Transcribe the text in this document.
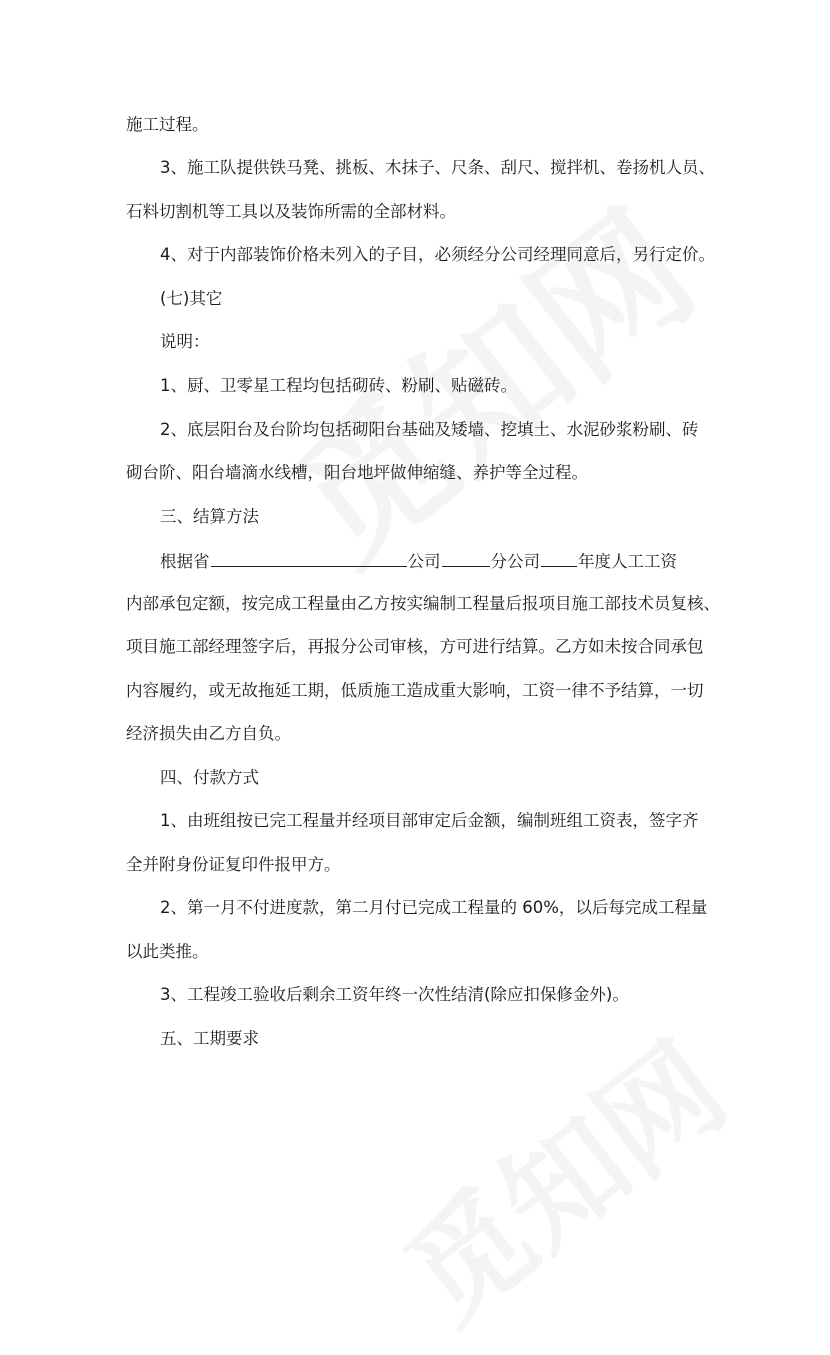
施工过程。
3、施工队提供铁马凳、挑板、木抹子、尺条、刮尺、搅拌机、卷扬机人员、
石料切割机等工具以及装饰所需的全部材料。
4、对于内部装饰价格未列入的子目，必须经分公司经理同意后，另行定价。
(七)其它
说明：
1、厨、卫零星工程均包括砌砖、粉刷、贴磁砖。
2、底层阳台及台阶均包括砌阳台基础及矮墙、挖填土、水泥砂浆粉刷、砖
砌台阶、阳台墙滴水线槽，阳台地坪做伸缩缝、养护等全过程。
三、结算方法
根据省	公司	分公司 年度人工工资
内部承包定额，按完成工程量由乙方按实编制工程量后报项目施工部技术员复核、
项目施工部经理签字后，再报分公司审核，方可进行结算。乙方如未按合同承包
内容履约，或无故拖延工期，低质施工造成重大影响，工资一律不予结算，一切
经济损失由乙方自负。
四、付款方式
1、由班组按已完工程量并经项目部审定后金额，编制班组工资表，签字齐
全并附身份证复印件报甲方。
2、第一月不付进度款，第二月付已完成工程量的 60%，以后每完成工程量
以此类推。
3、工程竣工验收后剩余工资年终一次性结清(除应扣保修金外)。
五、工期要求
